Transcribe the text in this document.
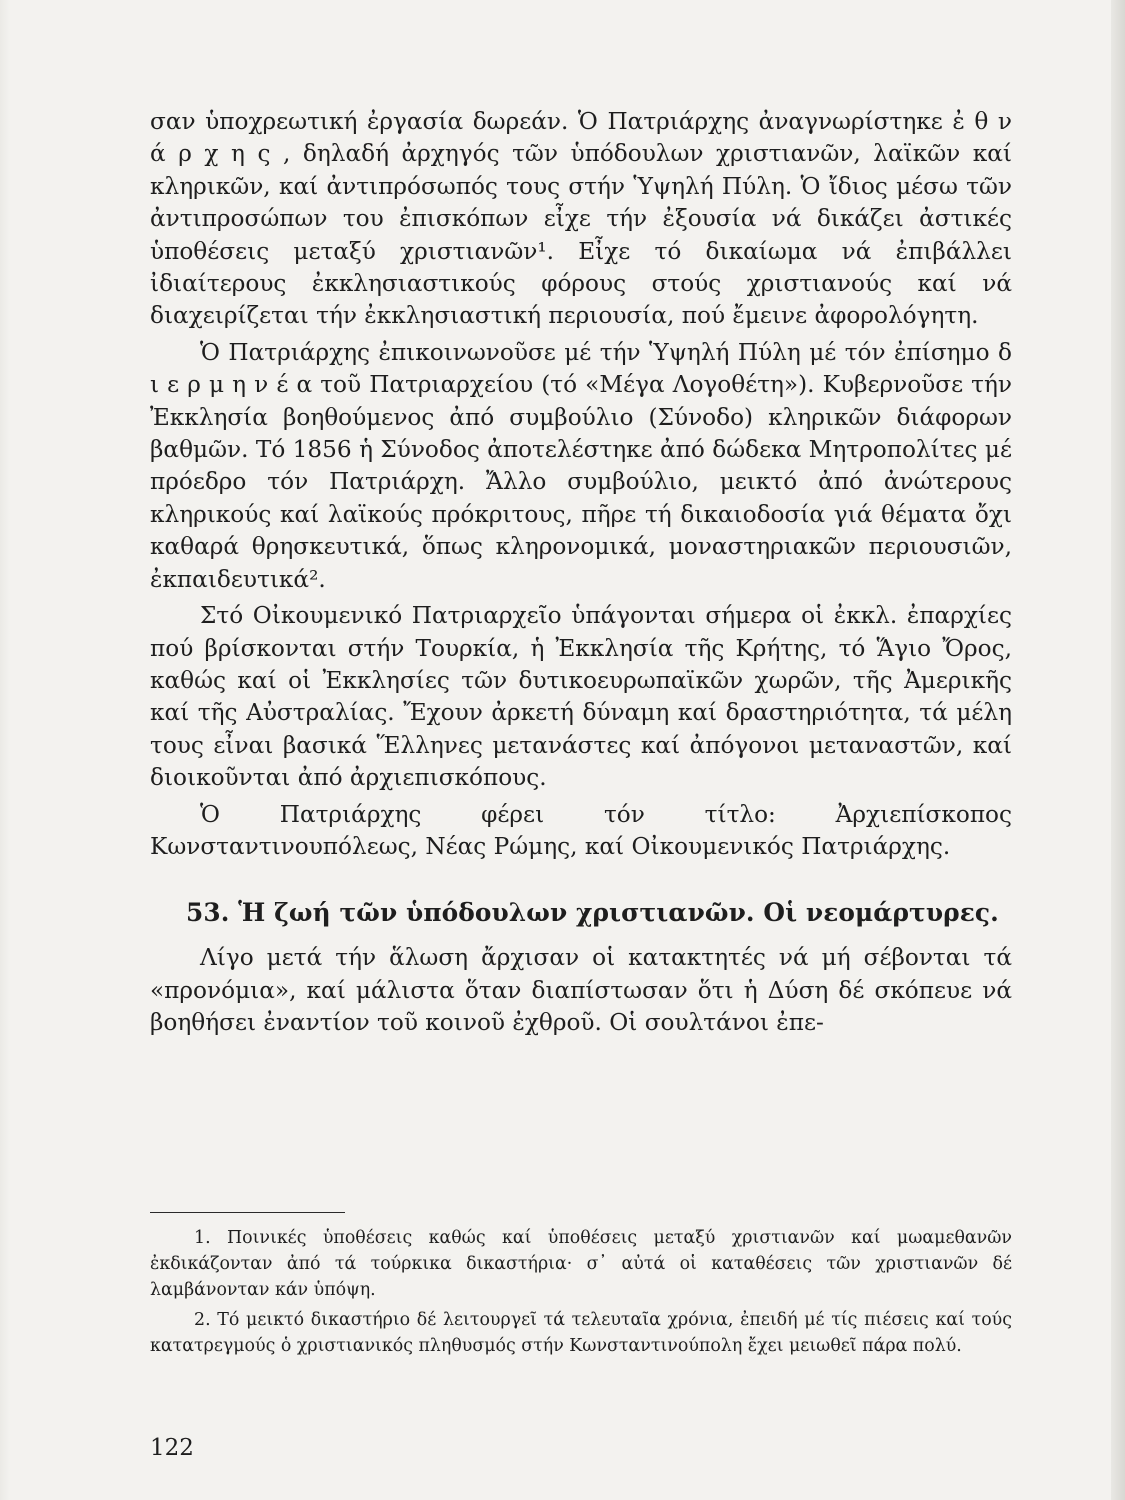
σαν ὑποχρεωτική ἐργασία δωρεάν. Ὁ Πατριάρχης ἀναγνωρίστηκε ἐ θ ν ά ρ χ η ς , δηλαδή ἀρχηγός τῶν ὑπόδουλων χριστιανῶν, λαϊκῶν καί κληρικῶν, καί ἀντιπρόσωπός τους στήν Ὑψηλή Πύλη. Ὁ ἴδιος μέσω τῶν ἀντιπροσώπων του ἐπισκόπων εἶχε τήν ἐξουσία νά δικάζει ἀστικές ὑποθέσεις μεταξύ χριστιανῶν¹. Εἶχε τό δικαίωμα νά ἐπιβάλλει ἰδιαίτερους ἐκκλησιαστικούς φόρους στούς χριστιανούς καί νά διαχειρίζεται τήν ἐκκλησιαστική περιουσία, πού ἔμεινε ἀφορολόγητη.

Ὁ Πατριάρχης ἐπικοινωνοῦσε μέ τήν Ὑψηλή Πύλη μέ τόν ἐπίσημο δ ι ε ρ μ η ν έ α τοῦ Πατριαρχείου (τό «Μέγα Λογοθέτη»). Κυβερνοῦσε τήν Ἐκκλησία βοηθούμενος ἀπό συμβούλιο (Σύνοδο) κληρικῶν διάφορων βαθμῶν. Τό 1856 ἡ Σύνοδος ἀποτελέστηκε ἀπό δώδεκα Μητροπολίτες μέ πρόεδρο τόν Πατριάρχη. Ἄλλο συμβούλιο, μεικτό ἀπό ἀνώτερους κληρικούς καί λαϊκούς πρόκριτους, πῆρε τή δικαιοδοσία γιά θέματα ὄχι καθαρά θρησκευτικά, ὅπως κληρονομικά, μοναστηριακῶν περιουσιῶν, ἐκπαιδευτικά².

Στό Οἰκουμενικό Πατριαρχεῖο ὑπάγονται σήμερα οἱ ἐκκλ. ἐπαρχίες πού βρίσκονται στήν Τουρκία, ἡ Ἐκκλησία τῆς Κρήτης, τό Ἅγιο Ὄρος, καθώς καί οἱ Ἐκκλησίες τῶν δυτικοευρωπαϊκῶν χωρῶν, τῆς Ἀμερικῆς καί τῆς Αὐστραλίας. Ἔχουν ἀρκετή δύναμη καί δραστηριότητα, τά μέλη τους εἶναι βασικά Ἕλληνες μετανάστες καί ἀπόγονοι μεταναστῶν, καί διοικοῦνται ἀπό ἀρχιεπισκόπους.

Ὁ Πατριάρχης φέρει τόν τίτλο: Ἀρχιεπίσκοπος Κωνσταντινουπόλεως, Νέας Ρώμης, καί Οἰκουμενικός Πατριάρχης.

53. Ἡ ζωή τῶν ὑπόδουλων χριστιανῶν. Οἱ νεομάρτυρες.

Λίγο μετά τήν ἅλωση ἄρχισαν οἱ κατακτητές νά μή σέβονται τά «προνόμια», καί μάλιστα ὅταν διαπίστωσαν ὅτι ἡ Δύση δέ σκόπευε νά βοηθήσει ἐναντίον τοῦ κοινοῦ ἐχθροῦ. Οἱ σουλτάνοι ἐπε-

1. Ποινικές ὑποθέσεις καθώς καί ὑποθέσεις μεταξύ χριστιανῶν καί μωαμεθανῶν ἐκδικάζονταν ἀπό τά τούρκικα δικαστήρια· σ᾽ αὐτά οἱ καταθέσεις τῶν χριστιανῶν δέ λαμβάνονταν κάν ὑπόψη.

2. Τό μεικτό δικαστήριο δέ λειτουργεῖ τά τελευταῖα χρόνια, ἐπειδή μέ τίς πιέσεις καί τούς κατατρεγμούς ὁ χριστιανικός πληθυσμός στήν Κωνσταντινούπολη ἔχει μειωθεῖ πάρα πολύ.

122
